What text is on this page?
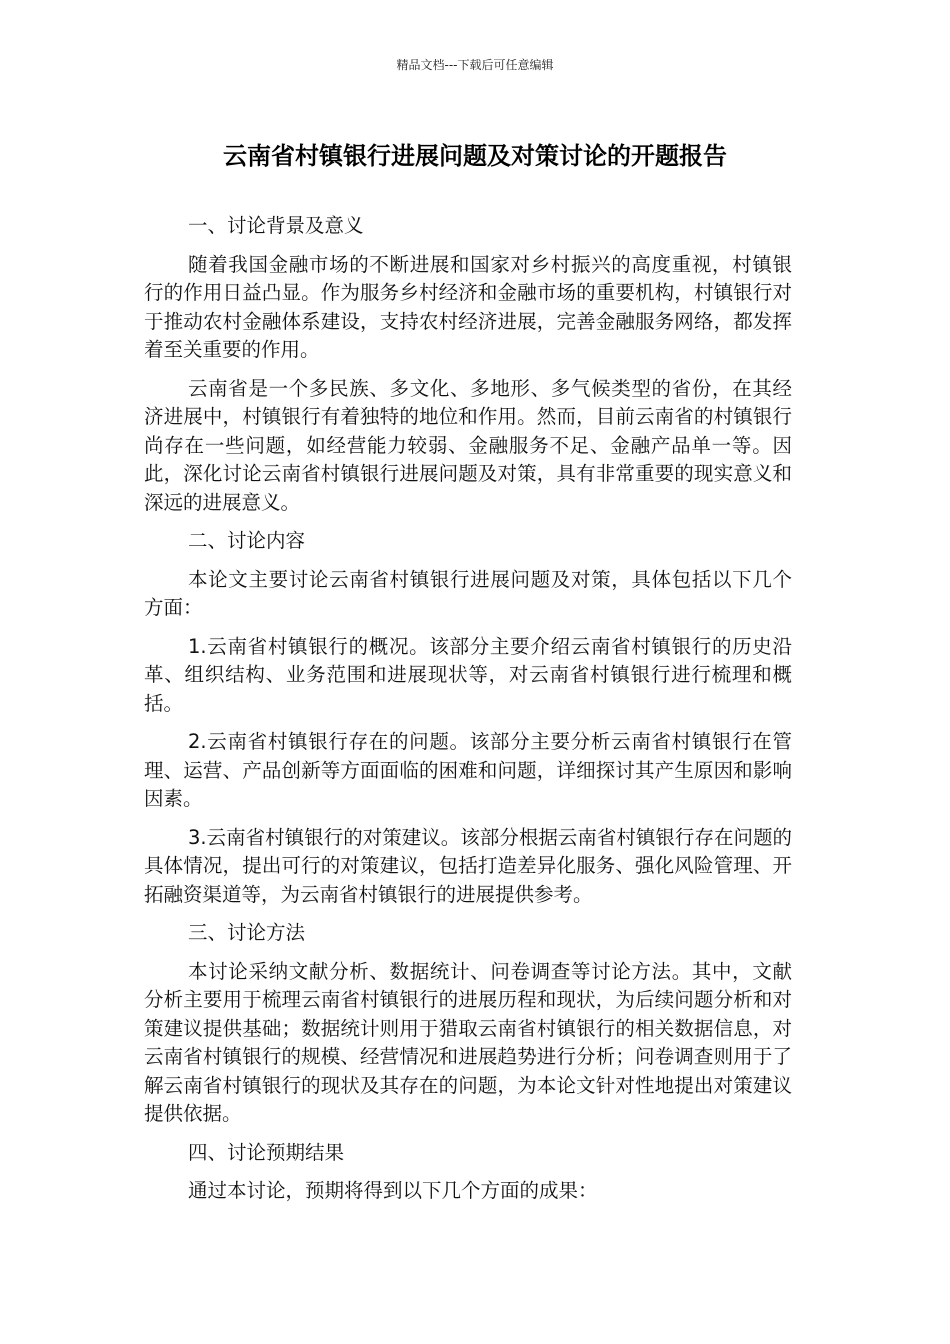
精品文档---下载后可任意编辑
云南省村镇银行进展问题及对策讨论的开题报告

一、讨论背景及意义

随着我国金融市场的不断进展和国家对乡村振兴的高度重视，村镇银行的作用日益凸显。作为服务乡村经济和金融市场的重要机构，村镇银行对于推动农村金融体系建设，支持农村经济进展，完善金融服务网络，都发挥着至关重要的作用。

云南省是一个多民族、多文化、多地形、多气候类型的省份，在其经济进展中，村镇银行有着独特的地位和作用。然而，目前云南省的村镇银行尚存在一些问题，如经营能力较弱、金融服务不足、金融产品单一等。因此，深化讨论云南省村镇银行进展问题及对策，具有非常重要的现实意义和深远的进展意义。

二、讨论内容

本论文主要讨论云南省村镇银行进展问题及对策，具体包括以下几个方面：

1.云南省村镇银行的概况。该部分主要介绍云南省村镇银行的历史沿革、组织结构、业务范围和进展现状等，对云南省村镇银行进行梳理和概括。

2.云南省村镇银行存在的问题。该部分主要分析云南省村镇银行在管理、运营、产品创新等方面面临的困难和问题，详细探讨其产生原因和影响因素。

3.云南省村镇银行的对策建议。该部分根据云南省村镇银行存在问题的具体情况，提出可行的对策建议，包括打造差异化服务、强化风险管理、开拓融资渠道等，为云南省村镇银行的进展提供参考。

三、讨论方法

本讨论采纳文献分析、数据统计、问卷调查等讨论方法。其中，文献分析主要用于梳理云南省村镇银行的进展历程和现状，为后续问题分析和对策建议提供基础；数据统计则用于猎取云南省村镇银行的相关数据信息，对云南省村镇银行的规模、经营情况和进展趋势进行分析；问卷调查则用于了解云南省村镇银行的现状及其存在的问题，为本论文针对性地提出对策建议提供依据。

四、讨论预期结果

通过本讨论，预期将得到以下几个方面的成果：
